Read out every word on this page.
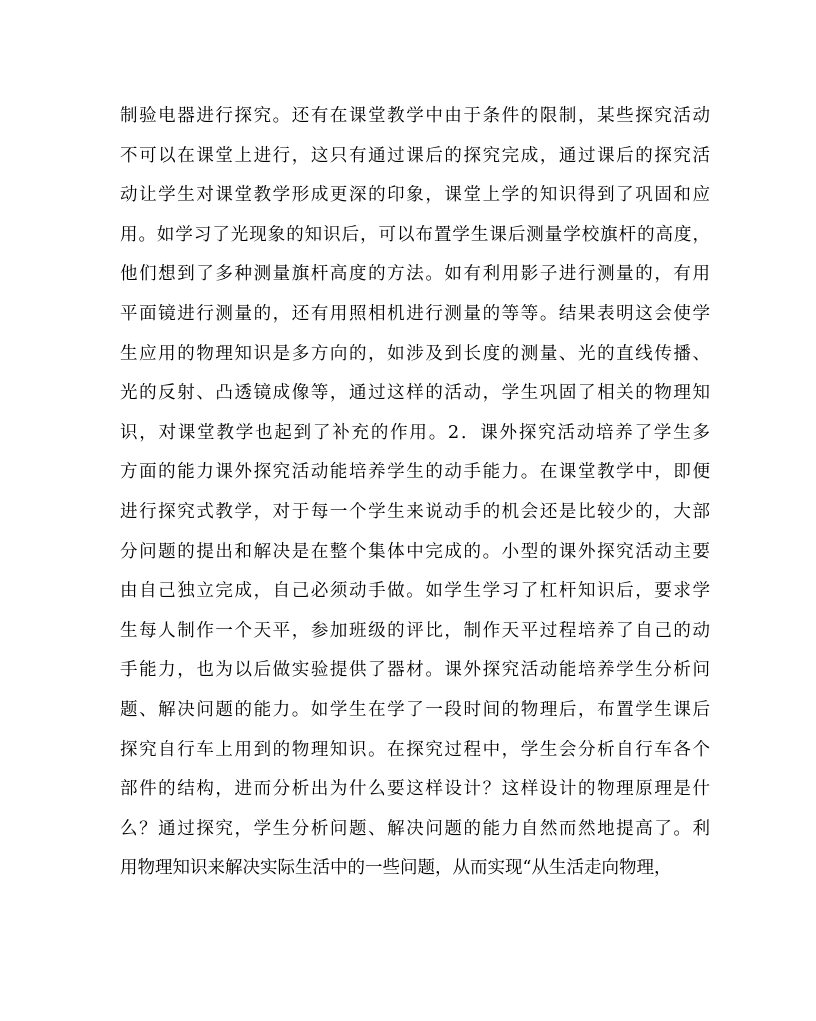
制验电器进行探究。还有在课堂教学中由于条件的限制，某些探究活动
不可以在课堂上进行，这只有通过课后的探究完成，通过课后的探究活
动让学生对课堂教学形成更深的印象，课堂上学的知识得到了巩固和应
用。如学习了光现象的知识后，可以布置学生课后测量学校旗杆的高度，
他们想到了多种测量旗杆高度的方法。如有利用影子进行测量的，有用
平面镜进行测量的，还有用照相机进行测量的等等。结果表明这会使学
生应用的物理知识是多方向的，如涉及到长度的测量、光的直线传播、
光的反射、凸透镜成像等，通过这样的活动，学生巩固了相关的物理知
识，对课堂教学也起到了补充的作用。2．课外探究活动培养了学生多
方面的能力课外探究活动能培养学生的动手能力。在课堂教学中，即便
进行探究式教学，对于每一个学生来说动手的机会还是比较少的，大部
分问题的提出和解决是在整个集体中完成的。小型的课外探究活动主要
由自己独立完成，自己必须动手做。如学生学习了杠杆知识后，要求学
生每人制作一个天平，参加班级的评比，制作天平过程培养了自己的动
手能力，也为以后做实验提供了器材。课外探究活动能培养学生分析问
题、解决问题的能力。如学生在学了一段时间的物理后，布置学生课后
探究自行车上用到的物理知识。在探究过程中，学生会分析自行车各个
部件的结构，进而分析出为什么要这样设计？这样设计的物理原理是什
么？通过探究，学生分析问题、解决问题的能力自然而然地提高了。利
用物理知识来解决实际生活中的一些问题，从而实现“从生活走向物理，
